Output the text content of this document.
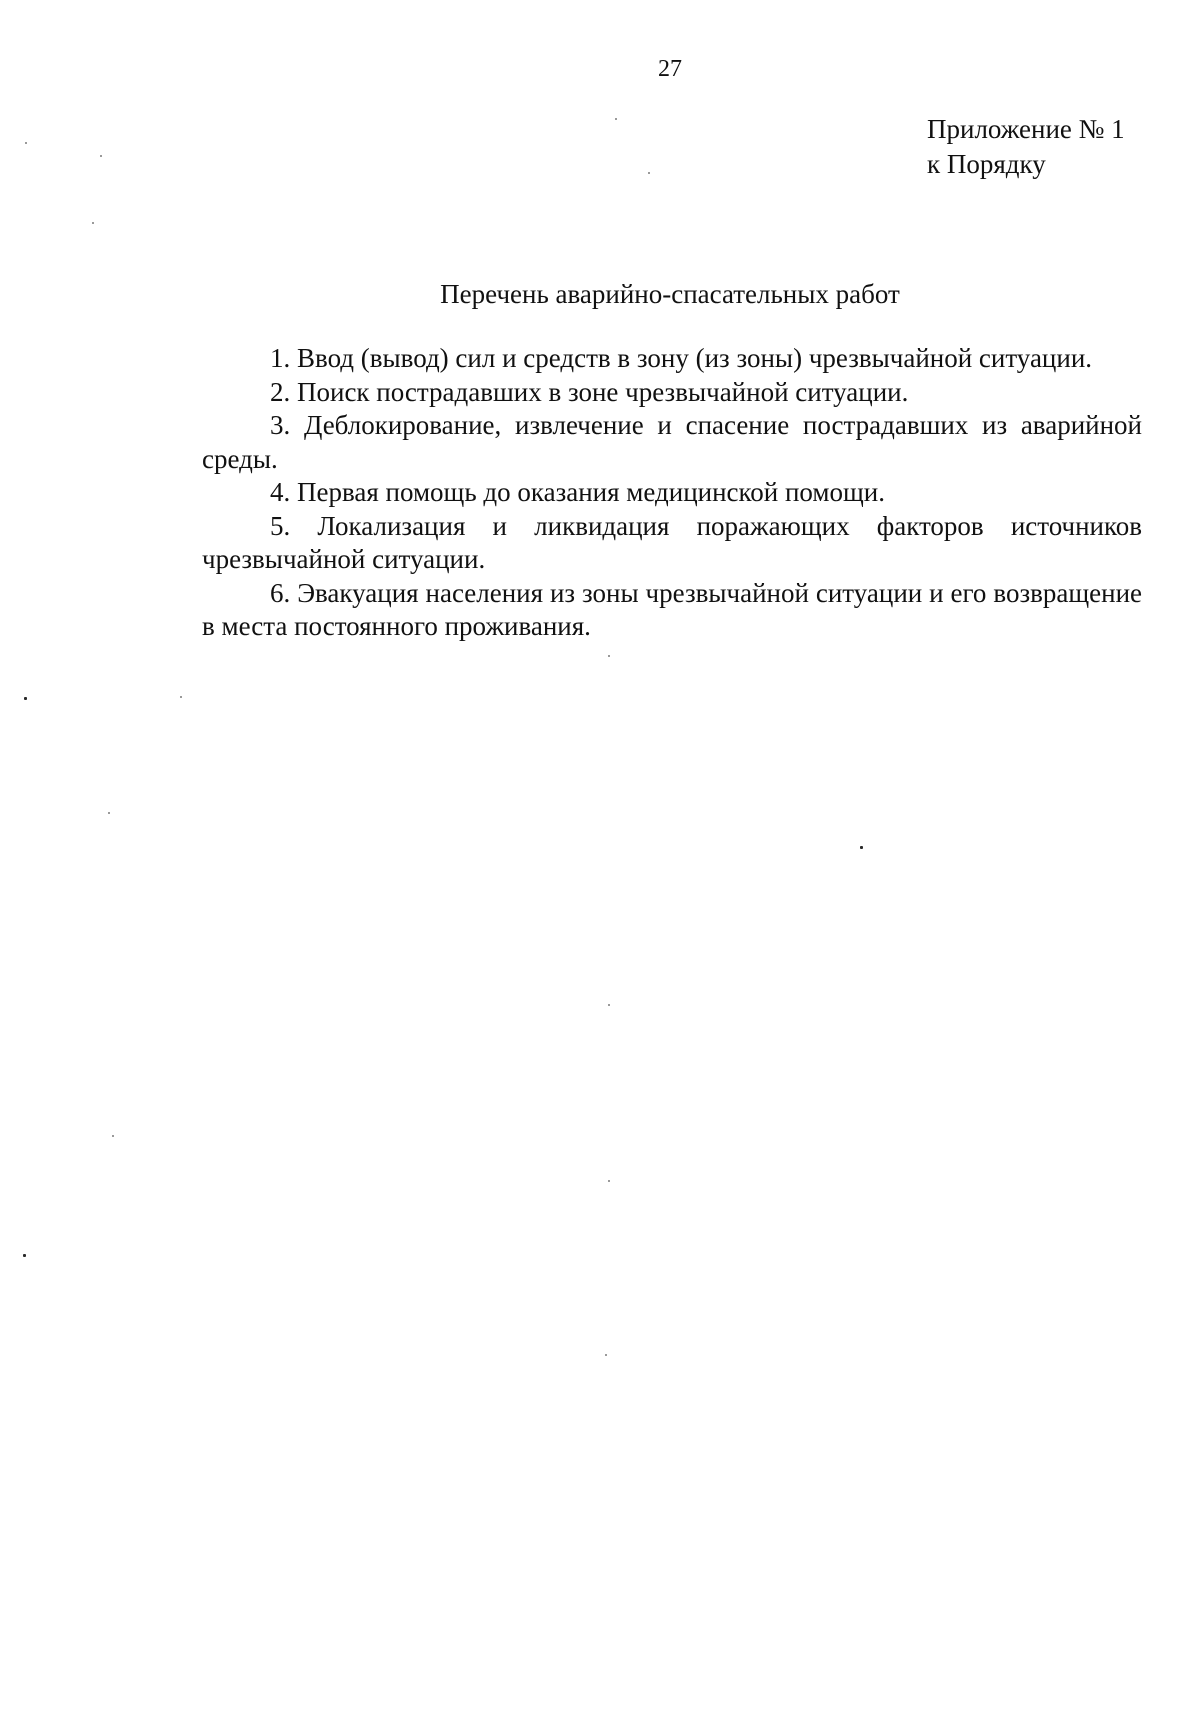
27
Приложение № 1
к Порядку
Перечень аварийно-спасательных работ

1. Ввод (вывод) сил и средств в зону (из зоны) чрезвычайной ситуации.

2. Поиск пострадавших в зоне чрезвычайной ситуации.

3. Деблокирование, извлечение и спасение пострадавших из аварийной среды.

4. Первая помощь до оказания медицинской помощи.

5. Локализация и ликвидация поражающих факторов источников чрезвычайной ситуации.

6. Эвакуация населения из зоны чрезвычайной ситуации и его возвращение в места постоянного проживания.
